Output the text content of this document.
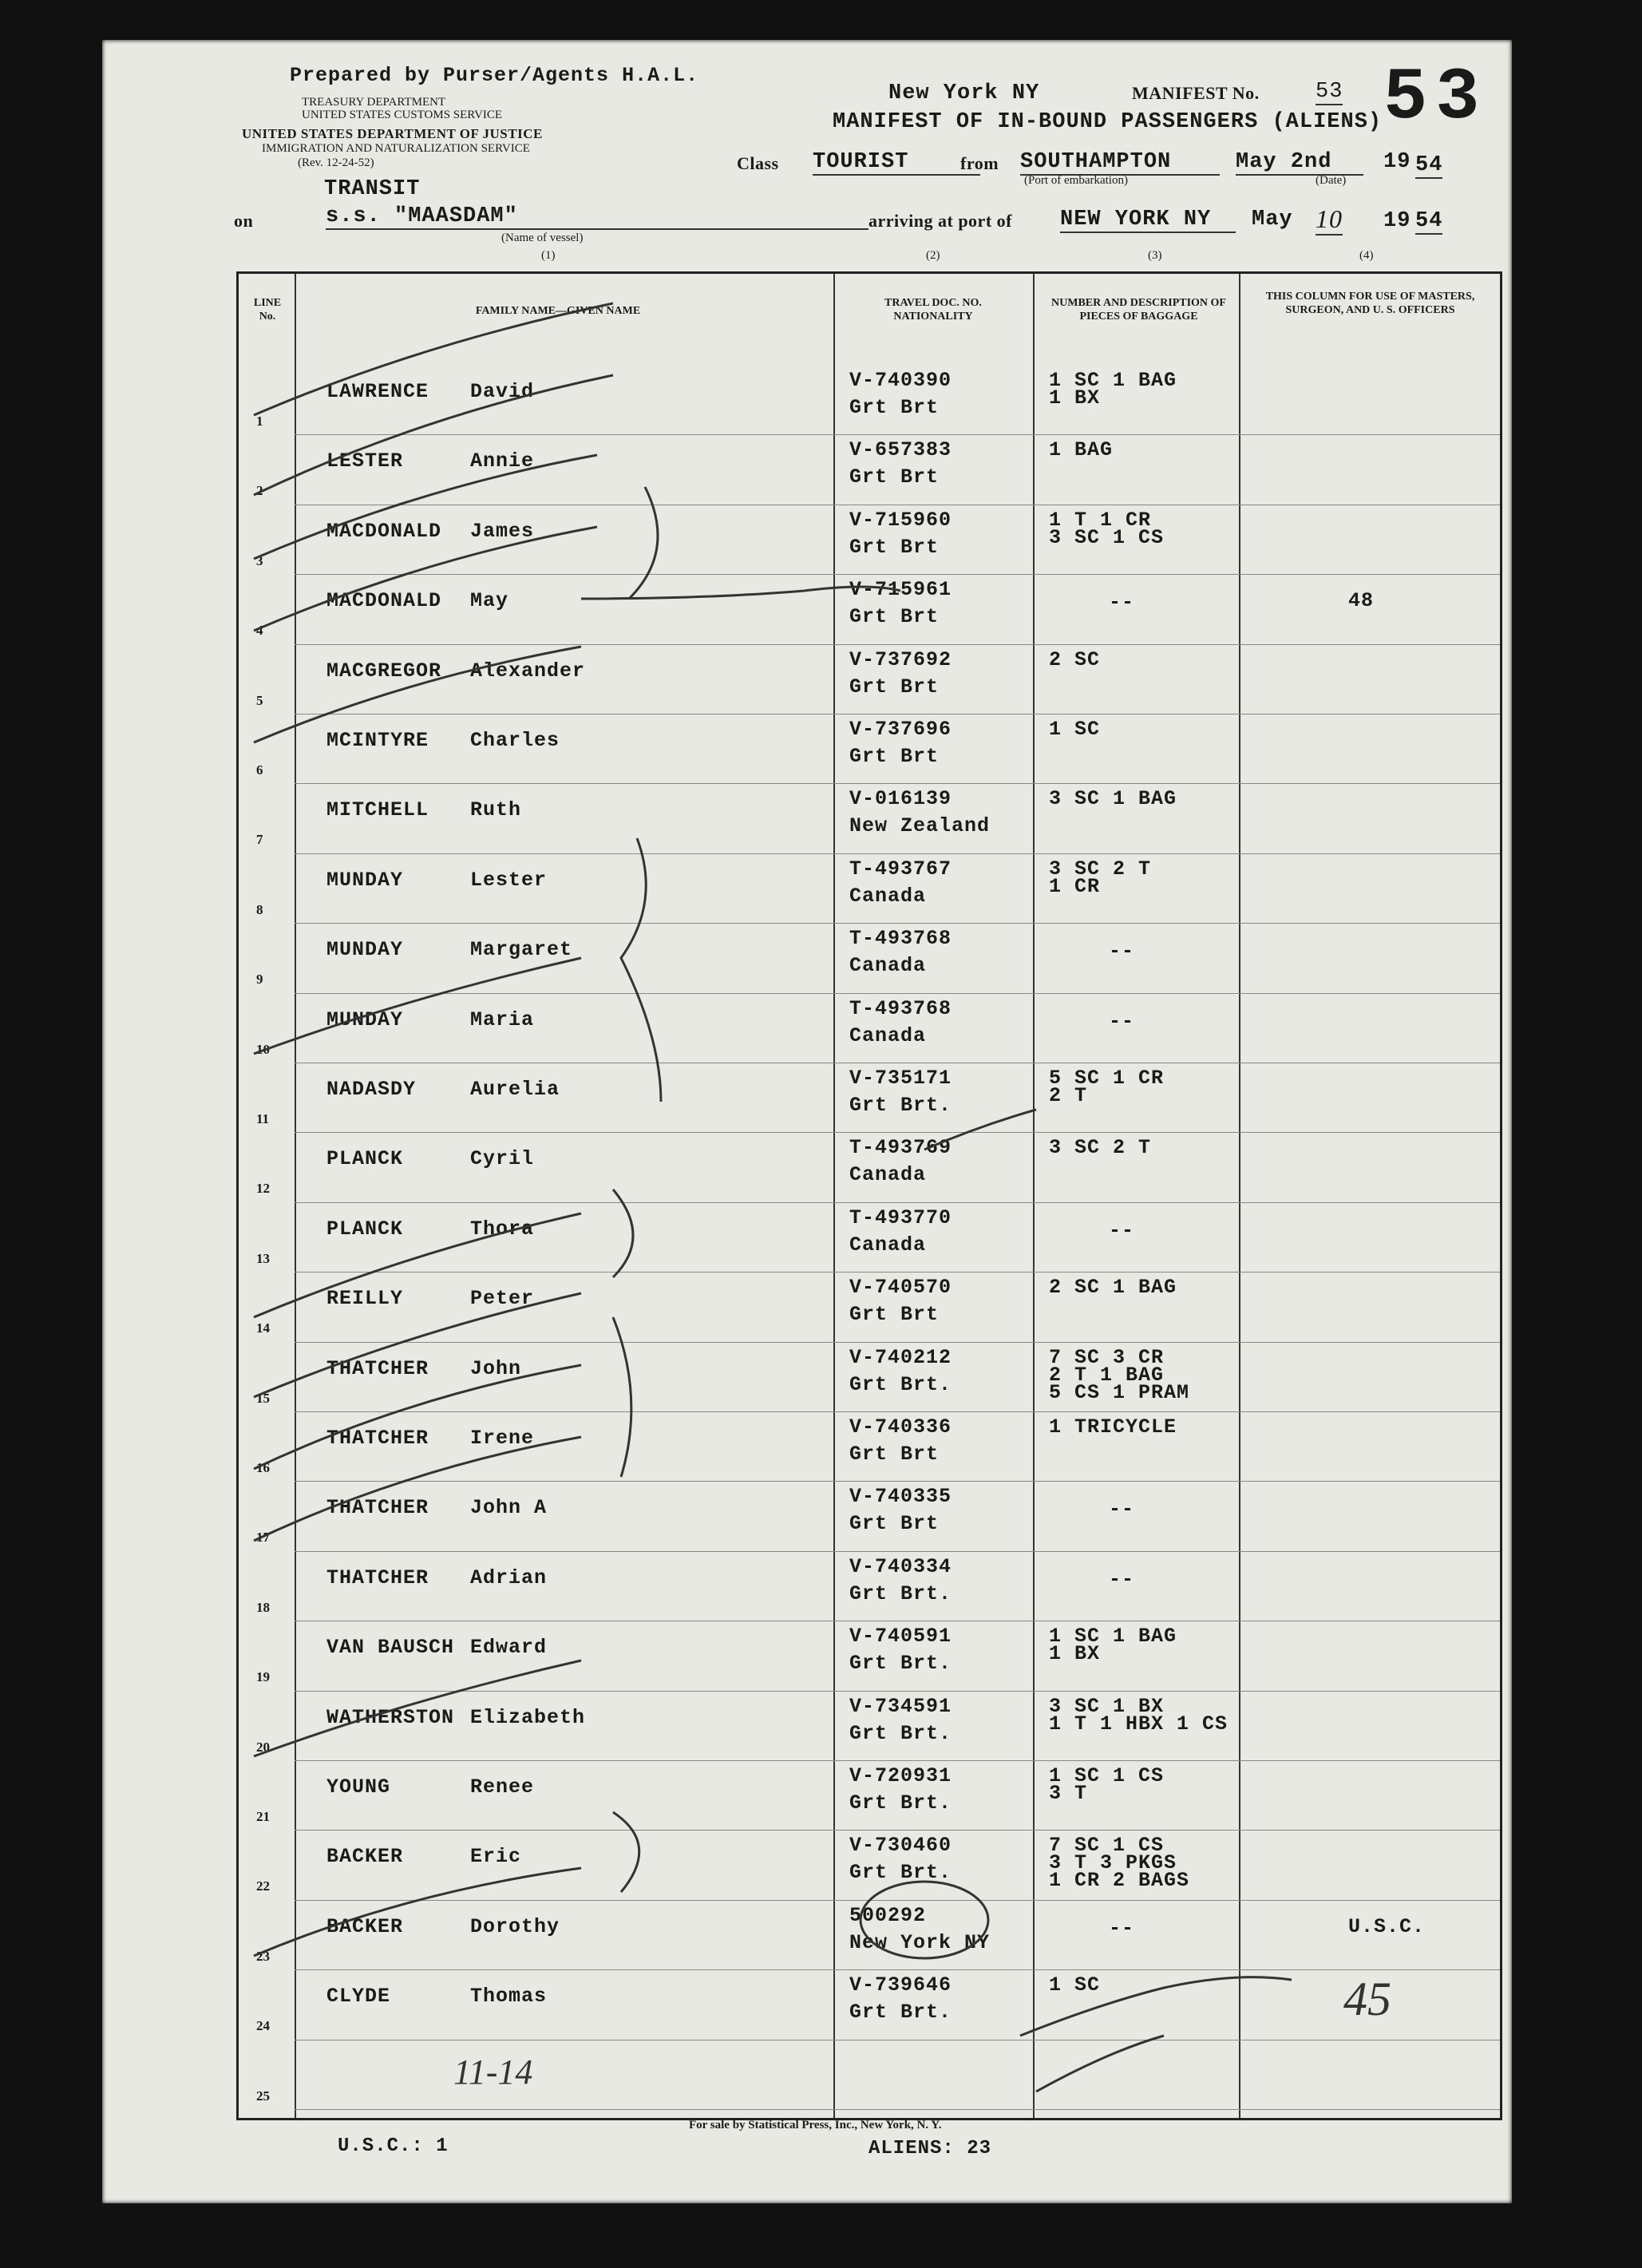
Prepared by Purser/Agents H.A.L.
TREASURY DEPARTMENT
UNITED STATES CUSTOMS SERVICE
UNITED STATES DEPARTMENT OF JUSTICE
IMMIGRATION AND NATURALIZATION SERVICE
(Rev. 12-24-52)
New York NY	MANIFEST No.	53 53
MANIFEST OF IN-BOUND PASSENGERS (ALIENS)
Class TOURIST	from SOUTHAMPTON
(Port of embarkation)
May 2nd
(Date)
19 54
TRANSIT
on	s.s. "MAASDAM"
(Name of vessel)
arriving at port of NEW YORK NY	May 10 19 54
(1)	(2)	(3)	(4)
LINE No.	FAMILY NAME—GIVEN NAME
TRAVEL DOC. NO. NATIONALITY
NUMBER AND DESCRIPTION OF PIECES OF BAGGAGE
THIS COLUMN FOR USE OF MASTERS, SURGEON, AND U. S. OFFICERS
1
LAWRENCE David	V-740390
Grt Brt
1 SC 1 BAG
1 BX
2
LESTER	Annie	V-657383
Grt Brt
1 BAG
3
MACDONALD James	V-715960
Grt Brt
1 T 1 CR
3 SC 1 CS
4
MACDONALD May	V-715961
Grt Brt
--	48
5
MACGREGOR Alexander	V-737692
Grt Brt
2 SC
6
MCINTYRE Charles	V-737696
Grt Brt
1 SC
7
MITCHELL Ruth	V-016139
New Zealand
3 SC 1 BAG
8
MUNDAY	Lester	T-493767
Canada
3 SC 2 T
1 CR
9
MUNDAY	Margaret	T-493768
Canada
--
10
MUNDAY	Maria	T-493768
Canada
--
11
NADASDY	Aurelia	V-735171
Grt Brt.
5 SC 1 CR
2 T
12
PLANCK	Cyril	T-493769
Canada
3 SC 2 T
13
PLANCK	Thora	T-493770
Canada
--
14
REILLY	Peter	V-740570
Grt Brt
2 SC 1 BAG
15
THATCHER John	V-740212
Grt Brt.
7 SC 3 CR
2 T 1 BAG
5 CS 1 PRAM
16
THATCHER Irene	V-740336
Grt Brt
1 TRICYCLE
17
THATCHER John A	V-740335
Grt Brt
--
18
THATCHER Adrian	V-740334
Grt Brt.
--
19
VAN BAUSCH Edward	V-740591
Grt Brt.
1 SC 1 BAG
1 BX
20
WATHERSTON Elizabeth	V-734591
Grt Brt.
3 SC 1 BX
1 T 1 HBX 1 CS
21
YOUNG	Renee	V-720931
Grt Brt.
1 SC 1 CS
3 T
22
BACKER	Eric	V-730460
Grt Brt.
7 SC 1 CS
3 T 3 PKGS
1 CR 2 BAGS
23
BACKER	Dorothy	500292
New York NY
--	U.S.C.
24
CLYDE	Thomas	V-739646
Grt Brt.
1 SC
25
11-14
45
U.S.C.: 1
For sale by Statistical Press, Inc., New York, N. Y.
ALIENS: 23
